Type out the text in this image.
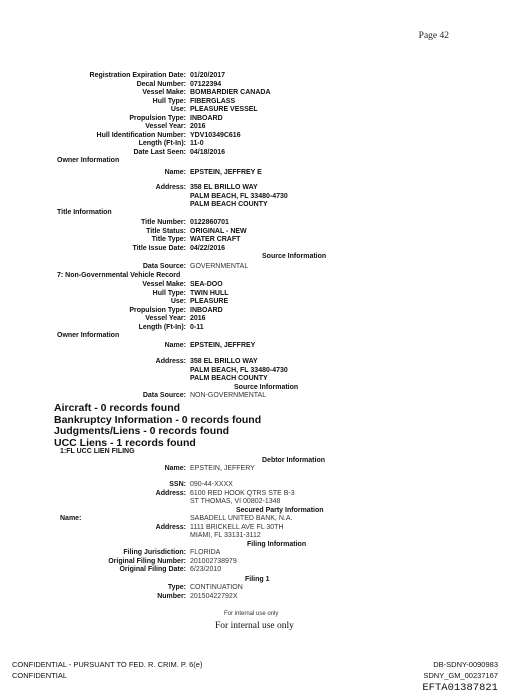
Page 42
Registration Expiration Date: 01/20/2017
Decal Number: 07122394
Vessel Make: BOMBARDIER CANADA
Hull Type: FIBERGLASS
Use: PLEASURE VESSEL
Propulsion Type: INBOARD
Vessel Year: 2016
Hull Identification Number: YDV10349C616
Length (Ft-In): 11-0
Date Last Seen: 04/18/2016
Owner Information
Name: EPSTEIN, JEFFREY E
Address: 358 EL BRILLO WAY
PALM BEACH, FL 33480-4730
PALM BEACH COUNTY
Title Information
Title Number: 0122860701
Title Status: ORIGINAL - NEW
Title Type: WATER CRAFT
Title Issue Date: 04/22/2016
Source Information
Data Source: GOVERNMENTAL
7: Non-Governmental Vehicle Record
Vessel Make: SEA-DOO
Hull Type: TWIN HULL
Use: PLEASURE
Propulsion Type: INBOARD
Vessel Year: 2016
Length (Ft-In): 0-11
Owner Information
Name: EPSTEIN, JEFFREY
Address: 358 EL BRILLO WAY
PALM BEACH, FL 33480-4730
PALM BEACH COUNTY
Source Information
Data Source: NON-GOVERNMENTAL
Aircraft - 0 records found
Bankruptcy Information - 0 records found
Judgments/Liens - 0 records found
UCC Liens - 1 records found
1:FL UCC LIEN FILING
Debtor Information
Name: EPSTEIN, JEFFERY
SSN: 090-44-XXXX
Address: 6100 RED HOOK QTRS STE B-3
ST THOMAS, VI 00802-1348
Secured Party Information
Name:	SABADELL UNITED BANK, N.A.
Address: 1111 BRICKELL AVE FL 30TH
MIAMI, FL 33131-3112
Filing Information
Filing Jurisdiction: FLORIDA
Original Filing Number: 201002738979
Original Filing Date: 6/23/2010
Filing 1
Type: CONTINUATION
Number: 20150422792X
For internal use only
For internal use only
CONFIDENTIAL - PURSUANT TO FED. R. CRIM. P. 6(e)
CONFIDENTIAL
DB-SDNY-0090983
SDNY_GM_00237167
EFTA01387821
